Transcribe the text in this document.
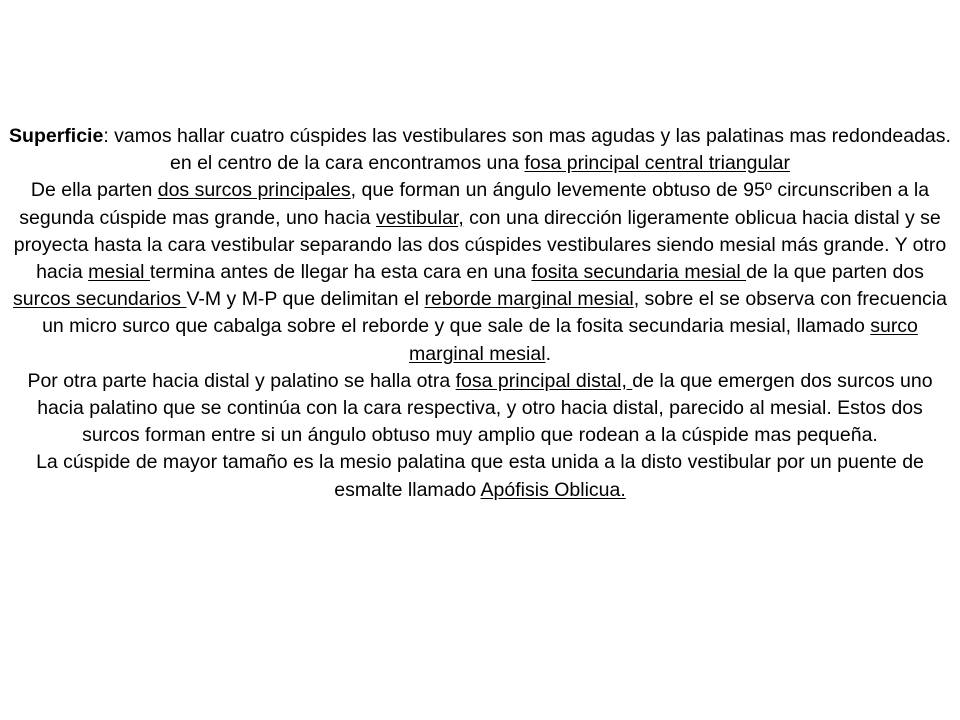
Superficie: vamos hallar cuatro cúspides las vestibulares son mas agudas y las palatinas mas redondeadas. en el centro de la cara encontramos una fosa principal central triangular

De ella parten dos surcos principales, que forman un ángulo levemente obtuso de 95º circunscriben a la segunda cúspide mas grande, uno hacia vestibular, con una dirección ligeramente oblicua hacia distal y se proyecta hasta la cara vestibular separando las dos cúspides vestibulares siendo mesial más grande. Y otro hacia mesial termina antes de llegar ha esta cara en una fosita secundaria mesial de la que parten dos surcos secundarios V-M y M-P que delimitan el reborde marginal mesial, sobre el se observa con frecuencia un micro surco que cabalga sobre el reborde y que sale de la fosita secundaria mesial, llamado surco marginal mesial.

Por otra parte hacia distal y palatino se halla otra fosa principal distal, de la que emergen dos surcos uno hacia palatino que se continúa con la cara respectiva, y otro hacia distal, parecido al mesial. Estos dos surcos forman entre si un ángulo obtuso muy amplio que rodean a la cúspide mas pequeña.

La cúspide de mayor tamaño es la mesio palatina que esta unida a la disto vestibular por un puente de esmalte llamado Apófisis Oblicua.
